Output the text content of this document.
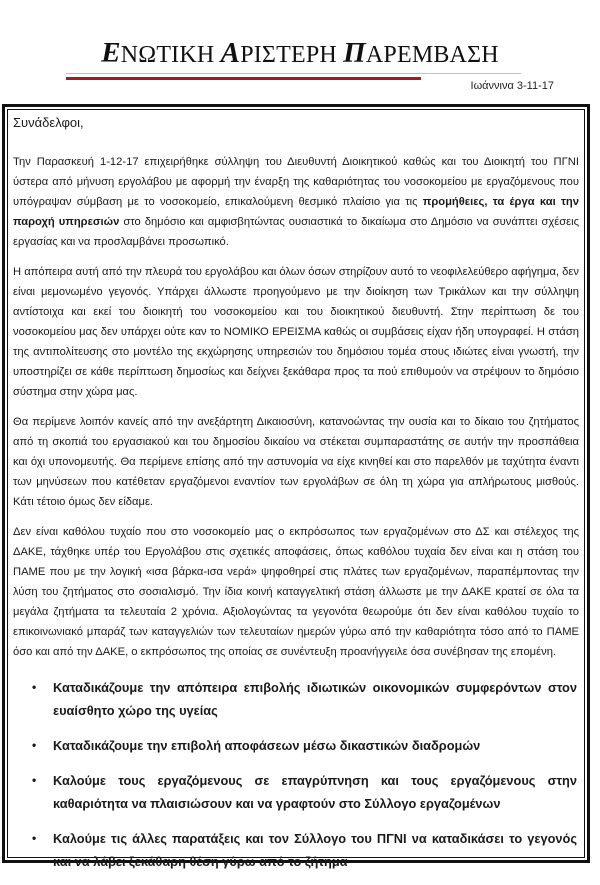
ΕΝΩΤΙΚΗ ΑΡΙΣΤΕΡΗ ΠΑΡΕΜΒΑΣΗ
Ιωάννινα 3-11-17

Συνάδελφοι,

Την Παρασκευή 1-12-17 επιχειρήθηκε σύλληψη του Διευθυντή Διοικητικού καθώς και του Διοικητή του ΠΓΝΙ ύστερα από μήνυση εργολάβου με αφορμή την έναρξη της καθαριότητας του νοσοκομείου με εργαζόμενους που υπόγραψαν σύμβαση με το νοσοκομείο, επικαλούμενη θεσμικό πλαίσιο για τις προμήθειες, τα έργα και την παροχή υπηρεσιών στο δημόσιο και αμφισβητώντας ουσιαστικά το δικαίωμα στο Δημόσιο να συνάπτει σχέσεις εργασίας και να προσλαμβάνει προσωπικό.

Η απόπειρα αυτή από την πλευρά του εργολάβου και όλων όσων στηρίζουν αυτό το νεοφιλελεύθερο αφήγημα, δεν είναι μεμονωμένο γεγονός. Υπάρχει άλλωστε προηγούμενο με την διοίκηση των Τρικάλων και την σύλληψη αντίστοιχα και εκεί του διοικητή του νοσοκομείου και του διοικητικού διευθυντή. Στην περίπτωση δε του νοσοκομείου μας δεν υπάρχει ούτε καν το ΝΟΜΙΚΟ ΕΡΕΙΣΜΑ καθώς οι συμβάσεις είχαν ήδη υπογραφεί. Η στάση της αντιπολίτευσης στο μοντέλο της εκχώρησης υπηρεσιών του δημόσιου τομέα στους ιδιώτες είναι γνωστή, την υποστηρίζει σε κάθε περίπτωση δημοσίως και δείχνει ξεκάθαρα προς τα πού επιθυμούν να στρέψουν το δημόσιο σύστημα στην χώρα μας.

Θα περίμενε λοιπόν κανείς από την ανεξάρτητη Δικαιοσύνη, κατανοώντας την ουσία και το δίκαιο του ζητήματος από τη σκοπιά του εργασιακού και του δημοσίου δικαίου να στέκεται συμπαραστάτης σε αυτήν την προσπάθεια και όχι υπονομευτής. Θα περίμενε επίσης από την αστυνομία να είχε κινηθεί και στο παρελθόν με ταχύτητα έναντι των μηνύσεων που κατέθεταν εργαζόμενοι εναντίον των εργολάβων σε όλη τη χώρα για απλήρωτους μισθούς. Κάτι τέτοιο όμως δεν είδαμε.

Δεν είναι καθόλου τυχαίο που στο νοσοκομείο μας ο εκπρόσωπος των εργαζομένων στο ΔΣ και στέλεχος της ΔΑΚΕ, τάχθηκε υπέρ του Εργολάβου στις σχετικές αποφάσεις, όπως καθόλου τυχαία δεν είναι και η στάση του ΠΑΜΕ που με την λογική «ισα βάρκα-ισα νερά» ψηφοθηρεί στις πλάτες των εργαζομένων, παραπέμποντας την λύση του ζητήματος στο σοσιαλισμό. Την ίδια κοινή καταγγελτική στάση άλλωστε με την ΔΑΚΕ κρατεί σε όλα τα μεγάλα ζητήματα τα τελευταία 2 χρόνια. Αξιολογώντας τα γεγονότα θεωρούμε ότι δεν είναι καθόλου τυχαίο το επικοινωνιακό μπαράζ των καταγγελιών των τελευταίων ημερών γύρω από την καθαριότητα τόσο από το ΠΑΜΕ όσο και από την ΔΑΚΕ, ο εκπρόσωπος της οποίας σε συνέντευξη προανήγγειλε όσα συνέβησαν της επομένη.

• Καταδικάζουμε την απόπειρα επιβολής ιδιωτικών οικονομικών συμφερόντων στον ευαίσθητο χώρο της υγείας
• Καταδικάζουμε την επιβολή αποφάσεων μέσω δικαστικών διαδρομών
• Καλούμε τους εργαζόμενους σε επαγρύπνηση και τους εργαζόμενους στην καθαριότητα να πλαισιώσουν και να γραφτούν στο Σύλλογο εργαζομένων
• Καλούμε τις άλλες παρατάξεις και τον Σύλλογο του ΠΓΝΙ να καταδικάσει το γεγονός και να λάβει ξεκάθαρη θέση γύρω από το ζήτημα
